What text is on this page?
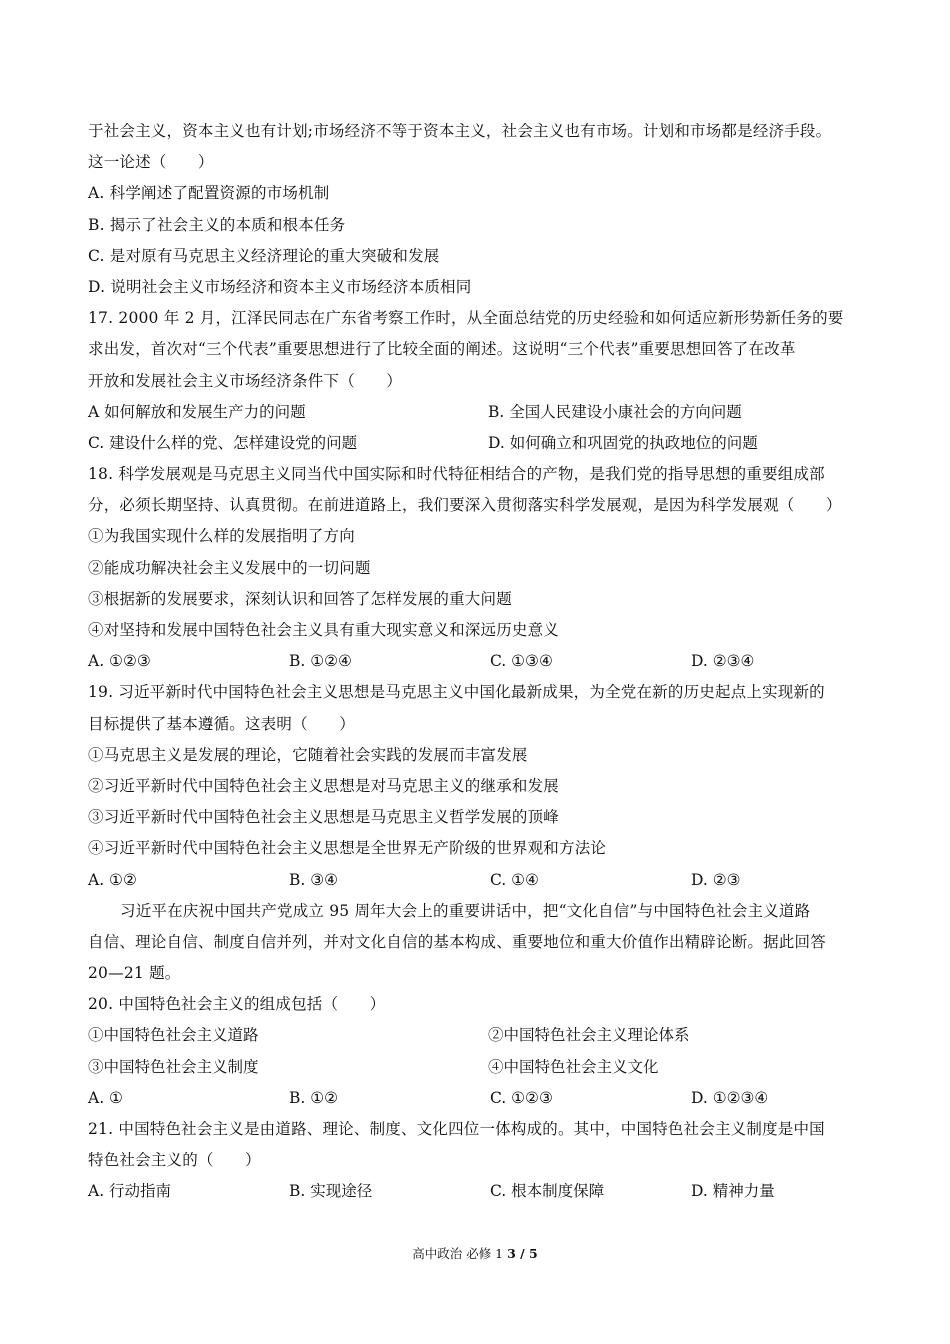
于社会主义，资本主义也有计划;市场经济不等于资本主义，社会主义也有市场。计划和市场都是经济手段。
这一论述（　　）
A. 科学阐述了配置资源的市场机制
B. 揭示了社会主义的本质和根本任务
C. 是对原有马克思主义经济理论的重大突破和发展
D. 说明社会主义市场经济和资本主义市场经济本质相同
17. 2000 年 2 月，江泽民同志在广东省考察工作时，从全面总结党的历史经验和如何适应新形势新任务的要
求出发，首次对“三个代表”重要思想进行了比较全面的阐述。这说明“三个代表”重要思想回答了在改革
开放和发展社会主义市场经济条件下（　　）
A 如何解放和发展生产力的问题	B. 全国人民建设小康社会的方向问题
C. 建设什么样的党、怎样建设党的问题	D. 如何确立和巩固党的执政地位的问题
18. 科学发展观是马克思主义同当代中国实际和时代特征相结合的产物，是我们党的指导思想的重要组成部
分，必须长期坚持、认真贯彻。在前进道路上，我们要深入贯彻落实科学发展观，是因为科学发展观（　　）
①为我国实现什么样的发展指明了方向
②能成功解决社会主义发展中的一切问题
③根据新的发展要求，深刻认识和回答了怎样发展的重大问题
④对坚持和发展中国特色社会主义具有重大现实意义和深远历史意义
A. ①②③	B. ①②④	C. ①③④	D. ②③④
19. 习近平新时代中国特色社会主义思想是马克思主义中国化最新成果，为全党在新的历史起点上实现新的
目标提供了基本遵循。这表明（　　）
①马克思主义是发展的理论，它随着社会实践的发展而丰富发展
②习近平新时代中国特色社会主义思想是对马克思主义的继承和发展
③习近平新时代中国特色社会主义思想是马克思主义哲学发展的顶峰
④习近平新时代中国特色社会主义思想是全世界无产阶级的世界观和方法论
A. ①②	B. ③④	C. ①④	D. ②③
习近平在庆祝中国共产党成立 95 周年大会上的重要讲话中，把“文化自信”与中国特色社会主义道路
自信、理论自信、制度自信并列，并对文化自信的基本构成、重要地位和重大价值作出精辟论断。据此回答
20—21 题。
20. 中国特色社会主义的组成包括（　　）
①中国特色社会主义道路	②中国特色社会主义理论体系
③中国特色社会主义制度	④中国特色社会主义文化
A. ①	B. ①②	C. ①②③	D. ①②③④
21. 中国特色社会主义是由道路、理论、制度、文化四位一体构成的。其中，中国特色社会主义制度是中国
特色社会主义的（　　）
A. 行动指南	B. 实现途径	C. 根本制度保障	D. 精神力量
高中政治 必修 1 3 / 5
